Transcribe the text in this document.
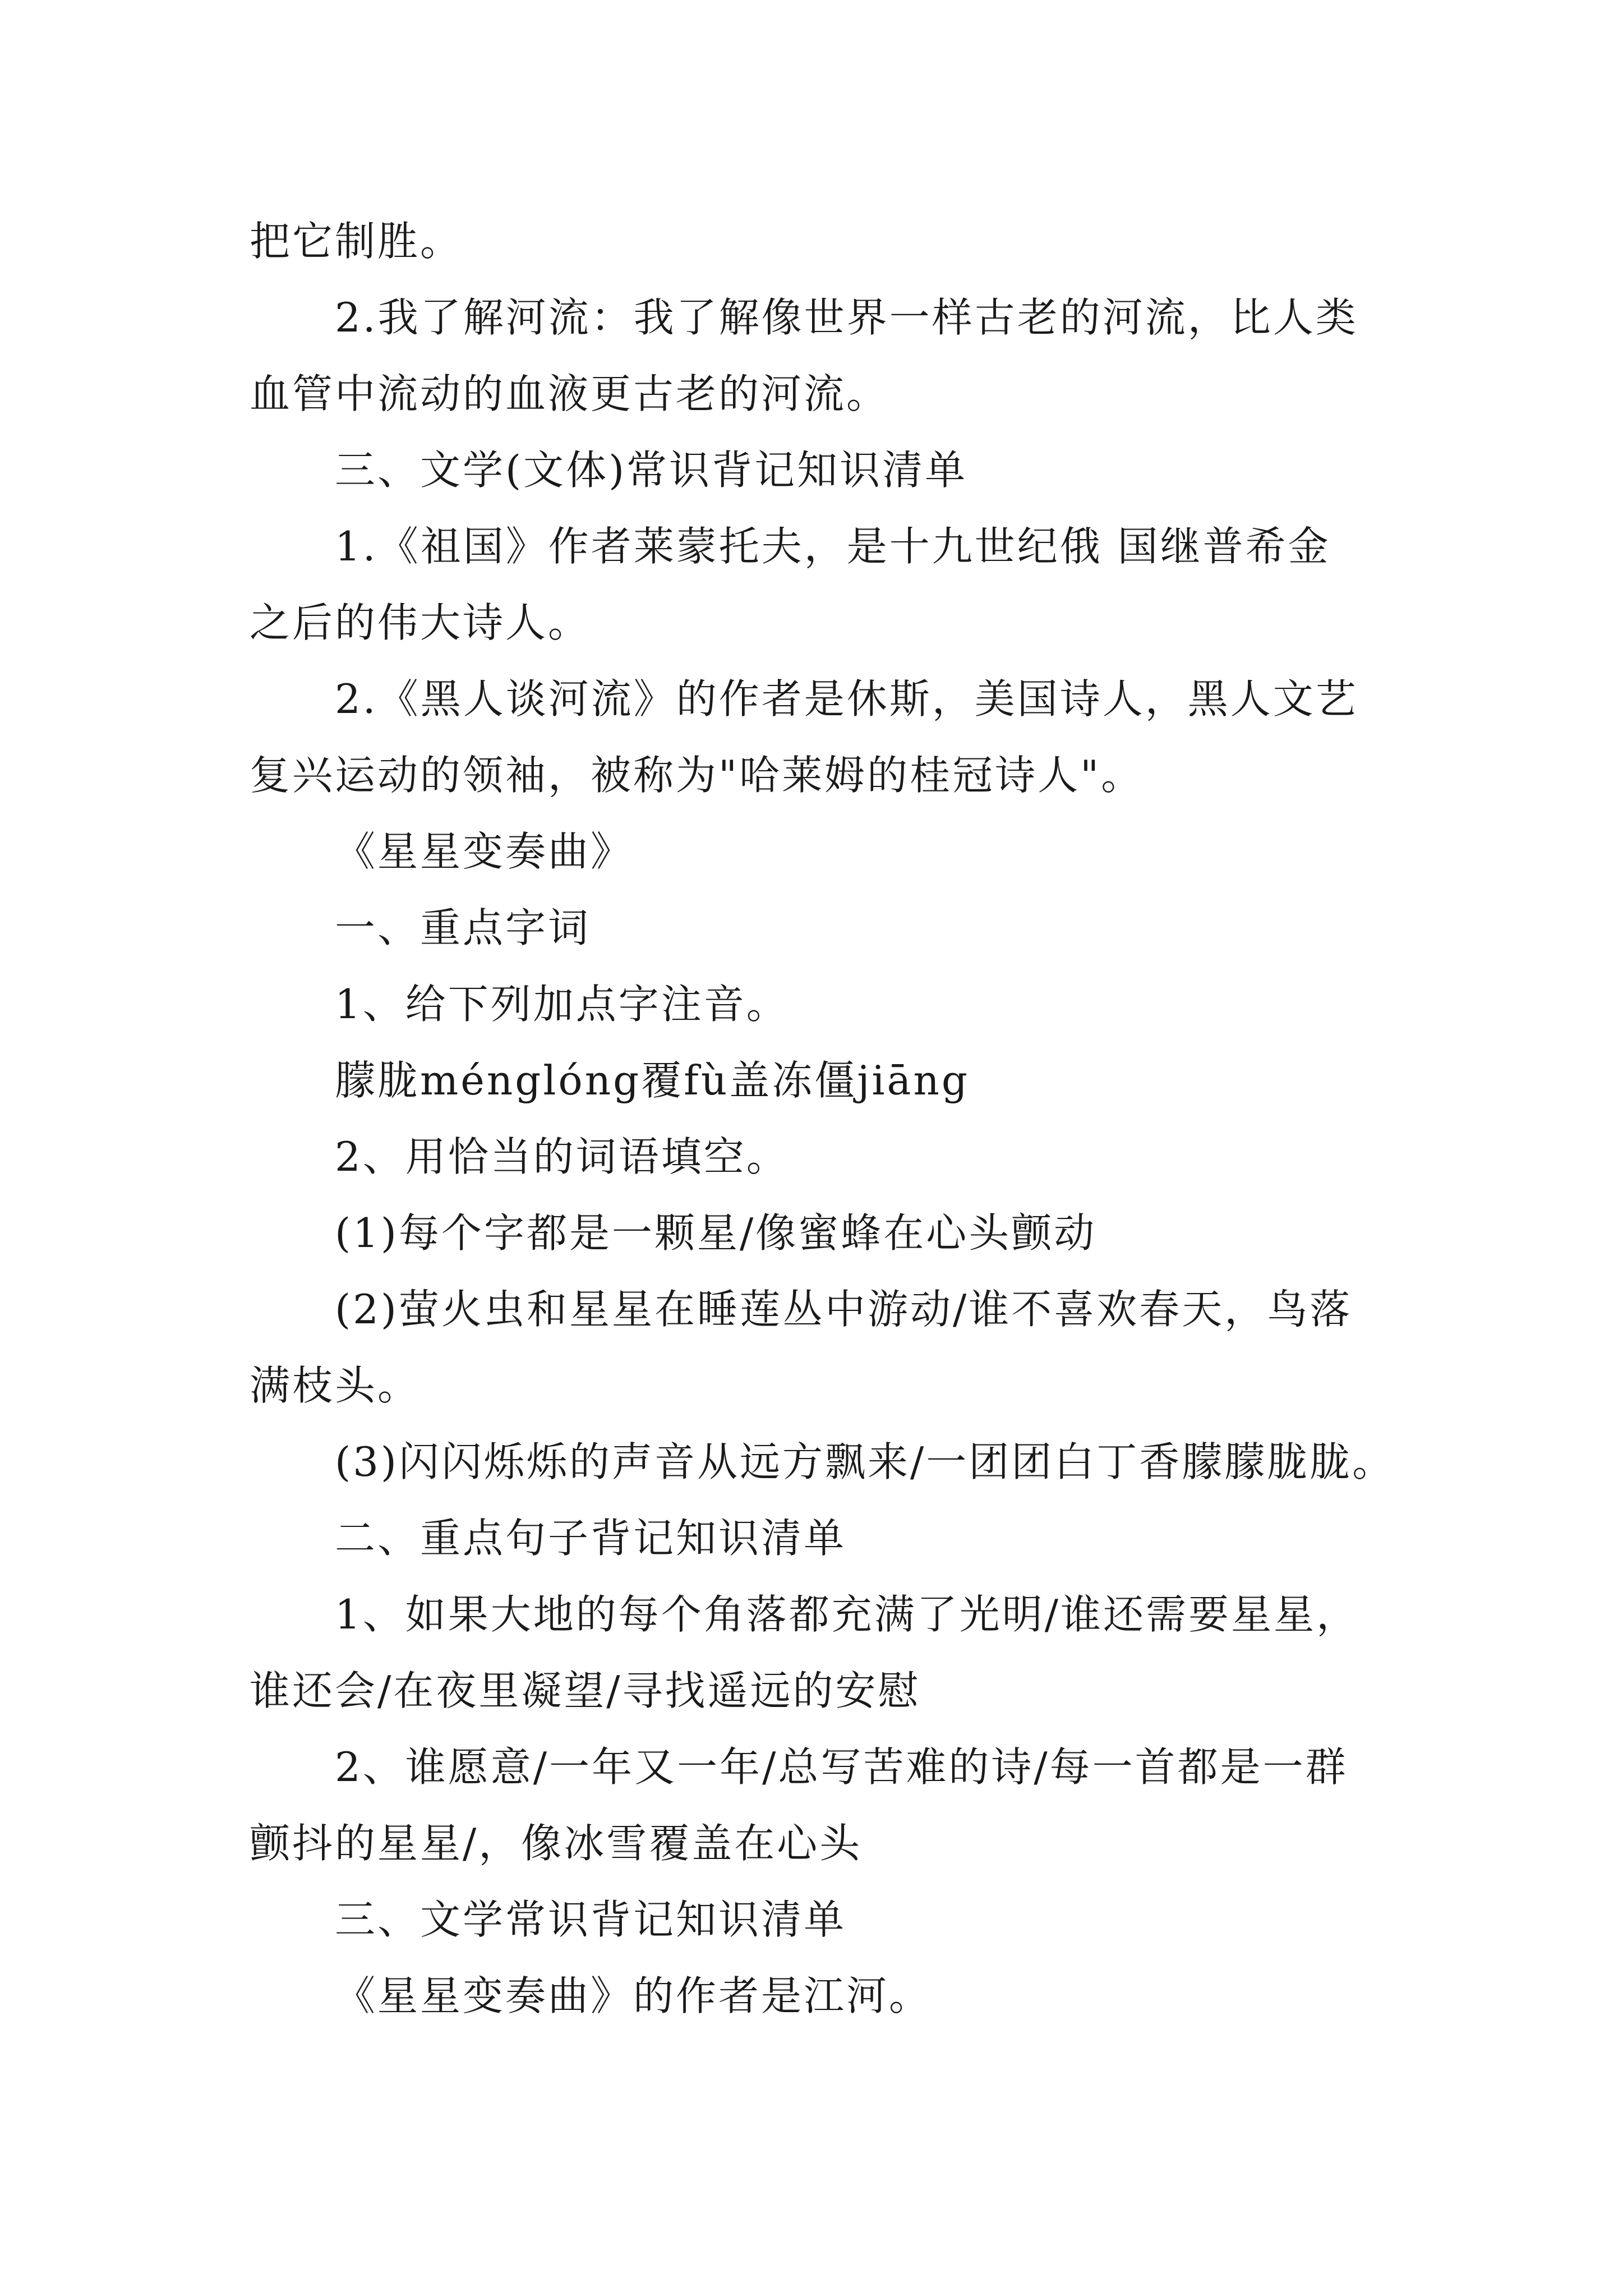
把它制胜。
2.我了解河流：我了解像世界一样古老的河流，比人类
血管中流动的血液更古老的河流。
三、文学(文体)常识背记知识清单
1.《祖国》作者莱蒙托夫，是十九世纪俄 国继普希金
之后的伟大诗人。
2.《黑人谈河流》的作者是休斯，美国诗人，黑人文艺
复兴运动的领袖，被称为"哈莱姆的桂冠诗人"。
《星星变奏曲》
一、重点字词
1、给下列加点字注音。
朦胧ménglóng覆fù盖冻僵jiāng
2、用恰当的词语填空。
(1)每个字都是一颗星/像蜜蜂在心头颤动
(2)萤火虫和星星在睡莲丛中游动/谁不喜欢春天，鸟落
满枝头。
(3)闪闪烁烁的声音从远方飘来/一团团白丁香朦朦胧胧。
二、重点句子背记知识清单
1、如果大地的每个角落都充满了光明/谁还需要星星，
谁还会/在夜里凝望/寻找遥远的安慰
2、谁愿意/一年又一年/总写苦难的诗/每一首都是一群
颤抖的星星/，像冰雪覆盖在心头
三、文学常识背记知识清单
《星星变奏曲》的作者是江河。
